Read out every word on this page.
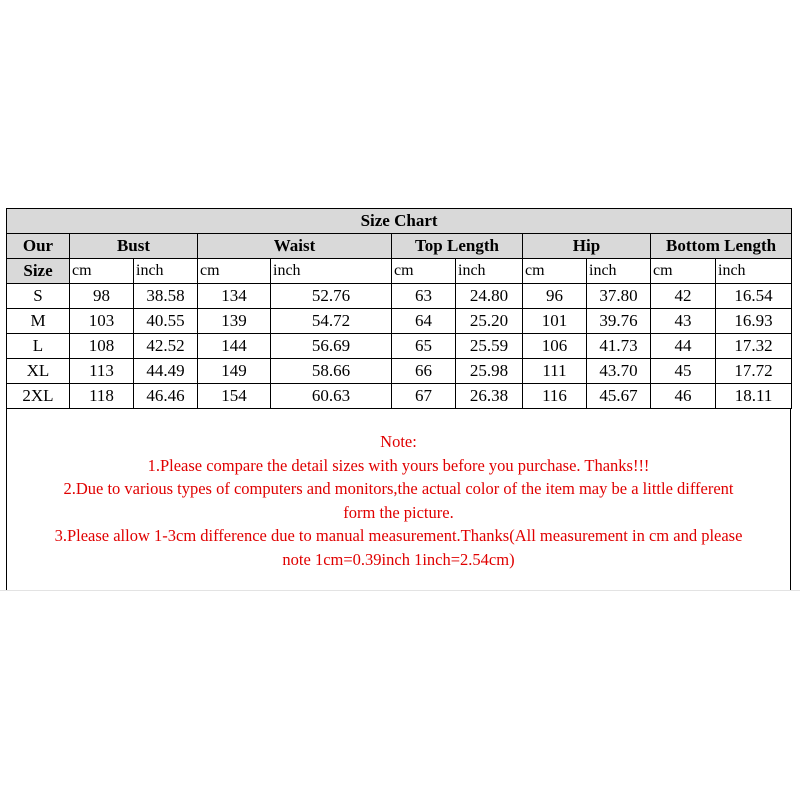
Size Chart										
Our	Bust		Waist		Top Length		Hip		Bottom Length	
Size	cm	inch	cm	inch	cm	inch	cm	inch	cm	inch
S	98	38.58	134	52.76	63	24.80	96	37.80	42	16.54
M	103	40.55	139	54.72	64	25.20	101	39.76	43	16.93
L	108	42.52	144	56.69	65	25.59	106	41.73	44	17.32
XL	113	44.49	149	58.66	66	25.98	111	43.70	45	17.72
2XL	118	46.46	154	60.63	67	26.38	116	45.67	46	18.11
Note:
1.Please compare the detail sizes with yours before you purchase. Thanks!!!
2.Due to various types of computers and monitors,the actual color of the item may be a little different
form the picture.
3.Please allow 1-3cm difference due to manual measurement.Thanks(All measurement in cm and please
note 1cm=0.39inch 1inch=2.54cm)
